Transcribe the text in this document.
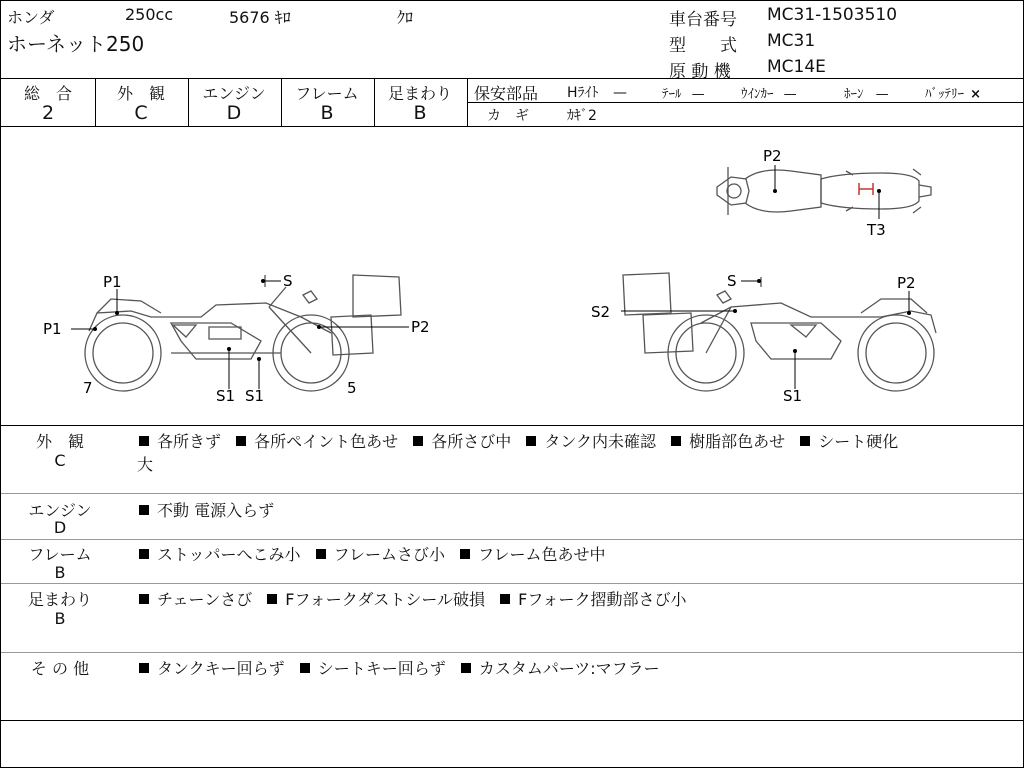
ホンダ	250cc	5676 ｷﾛ	ｸﾛ
ホーネット250
車台番号 MC31-1503510
型　　式 MC31
原 動 機 MC14E
総　合
2
外　観
C
エンジン
D
フレーム
B
足まわり
B
保安部品 Hﾗｲﾄ —	ﾃｰﾙ —	ｳｲﾝｶｰ —	ﾎｰﾝ —	ﾊﾞｯﾃﾘｰ ×
カ　ギ	ｶｷﾞ2
P2
T3
P1
P1
S
P2
S1 S1
7	5
S
S2
P2
S1
外　観
C
各所きず 各所ペイント色あせ 各所さび中 タンク内未確認 樹脂部色あせ シート硬化
大
エンジン
D
不動 電源入らず
フレーム
B
ストッパーへこみ小 フレームさび小 フレーム色あせ中
足まわり
B
チェーンさび Fフォークダストシール破損 Fフォーク摺動部さび小
そ の 他	タンクキー回らず シートキー回らず カスタムパーツ:マフラー
